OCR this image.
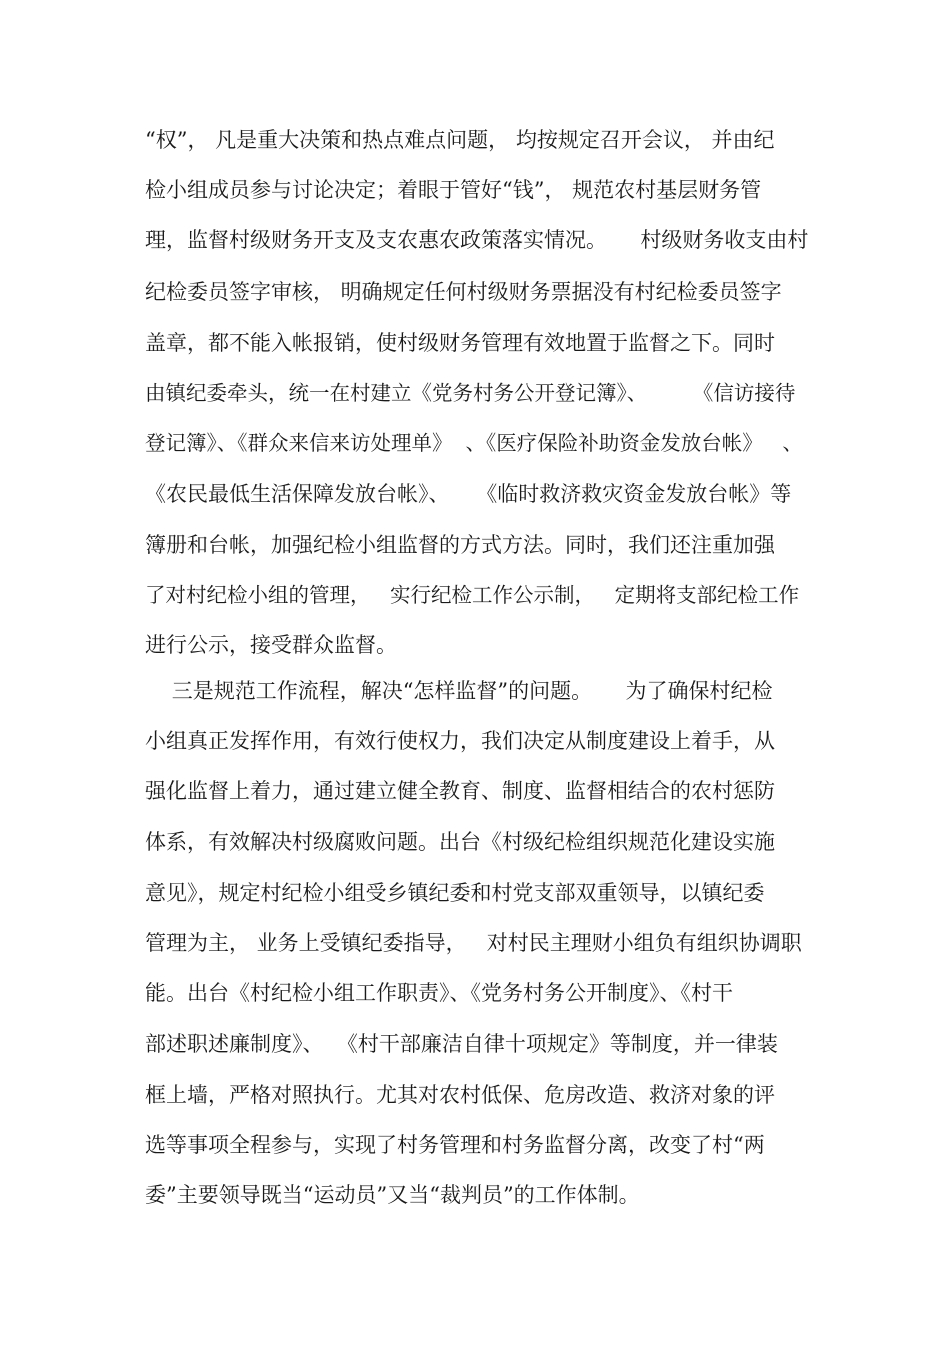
“权”， 凡是重大决策和热点难点问题， 均按规定召开会议， 并由纪
检小组成员参与讨论决定；着眼于管好“钱”， 规范农村基层财务管
理，监督村级财务开支及支农惠农政策落实情况。     村级财务收支由村
纪检委员签字审核， 明确规定任何村级财务票据没有村纪检委员签字
盖章，都不能入帐报销，使村级财务管理有效地置于监督之下。同时
由镇纪委牵头，统一在村建立《党务村务公开登记簿》、       《信访接待
登记簿》、《群众来信来访处理单》  、《医疗保险补助资金发放台帐》   、
《农民最低生活保障发放台帐》、    《临时救济救灾资金发放台帐》等
簿册和台帐，加强纪检小组监督的方式方法。同时，我们还注重加强
了对村纪检小组的管理，   实行纪检工作公示制，   定期将支部纪检工作
进行公示，接受群众监督。
三是规范工作流程，解决“怎样监督”的问题。     为了确保村纪检
小组真正发挥作用，有效行使权力，我们决定从制度建设上着手，从
强化监督上着力，通过建立健全教育、制度、监督相结合的农村惩防
体系，有效解决村级腐败问题。出台《村级纪检组织规范化建设实施
意见》，规定村纪检小组受乡镇纪委和村党支部双重领导，以镇纪委
管理为主， 业务上受镇纪委指导，   对村民主理财小组负有组织协调职
能。出台《村纪检小组工作职责》、《党务村务公开制度》、《村干
部述职述廉制度》、  《村干部廉洁自律十项规定》等制度，并一律装
框上墙，严格对照执行。尤其对农村低保、危房改造、救济对象的评
选等事项全程参与，实现了村务管理和村务监督分离，改变了村“两
委”主要领导既当“运动员”又当“裁判员”的工作体制。
